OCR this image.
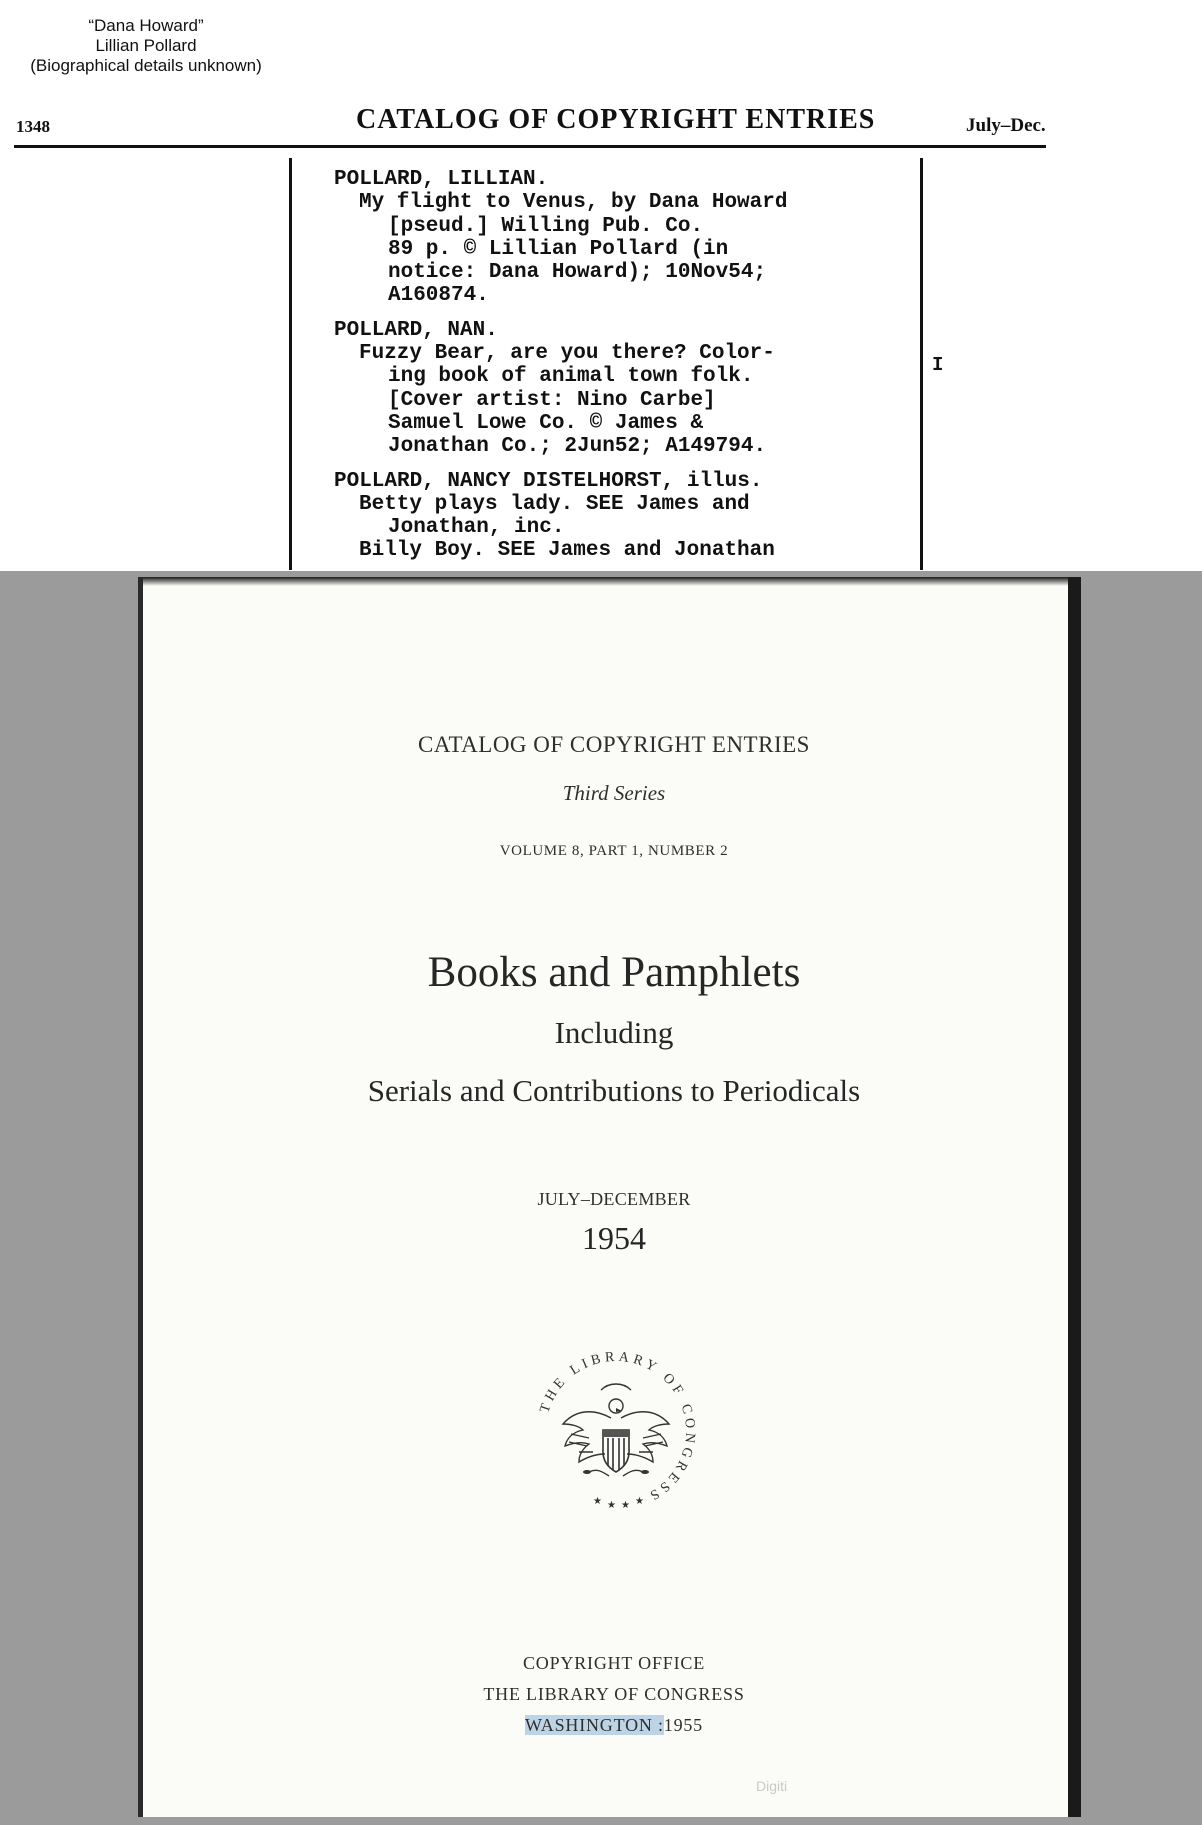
“Dana Howard”
Lillian Pollard
(Biographical details unknown)
1348	CATALOG OF COPYRIGHT ENTRIES	July–Dec.
I
POLLARD, LILLIAN.
My flight to Venus, by Dana Howard
[pseud.] Willing Pub. Co.
89 p. © Lillian Pollard (in
notice: Dana Howard); 10Nov54;
A160874.
POLLARD, NAN.
Fuzzy Bear, are you there? Color-
ing book of animal town folk.
[Cover artist: Nino Carbe]
Samuel Lowe Co. © James &
Jonathan Co.; 2Jun52; A149794.
POLLARD, NANCY DISTELHORST, illus.
Betty plays lady. SEE James and
Jonathan, inc.
Billy Boy. SEE James and Jonathan
CATALOG OF COPYRIGHT ENTRIES
Third Series
VOLUME 8, PART 1, NUMBER 2
Books and Pamphlets
Including
Serials and Contributions to Periodicals
JULY–DECEMBER
1954
THE LIBRARY OF CONGRESS
★ ★ ★ ★
COPYRIGHT OFFICE
THE LIBRARY OF CONGRESS
WASHINGTON :1955
Digiti
